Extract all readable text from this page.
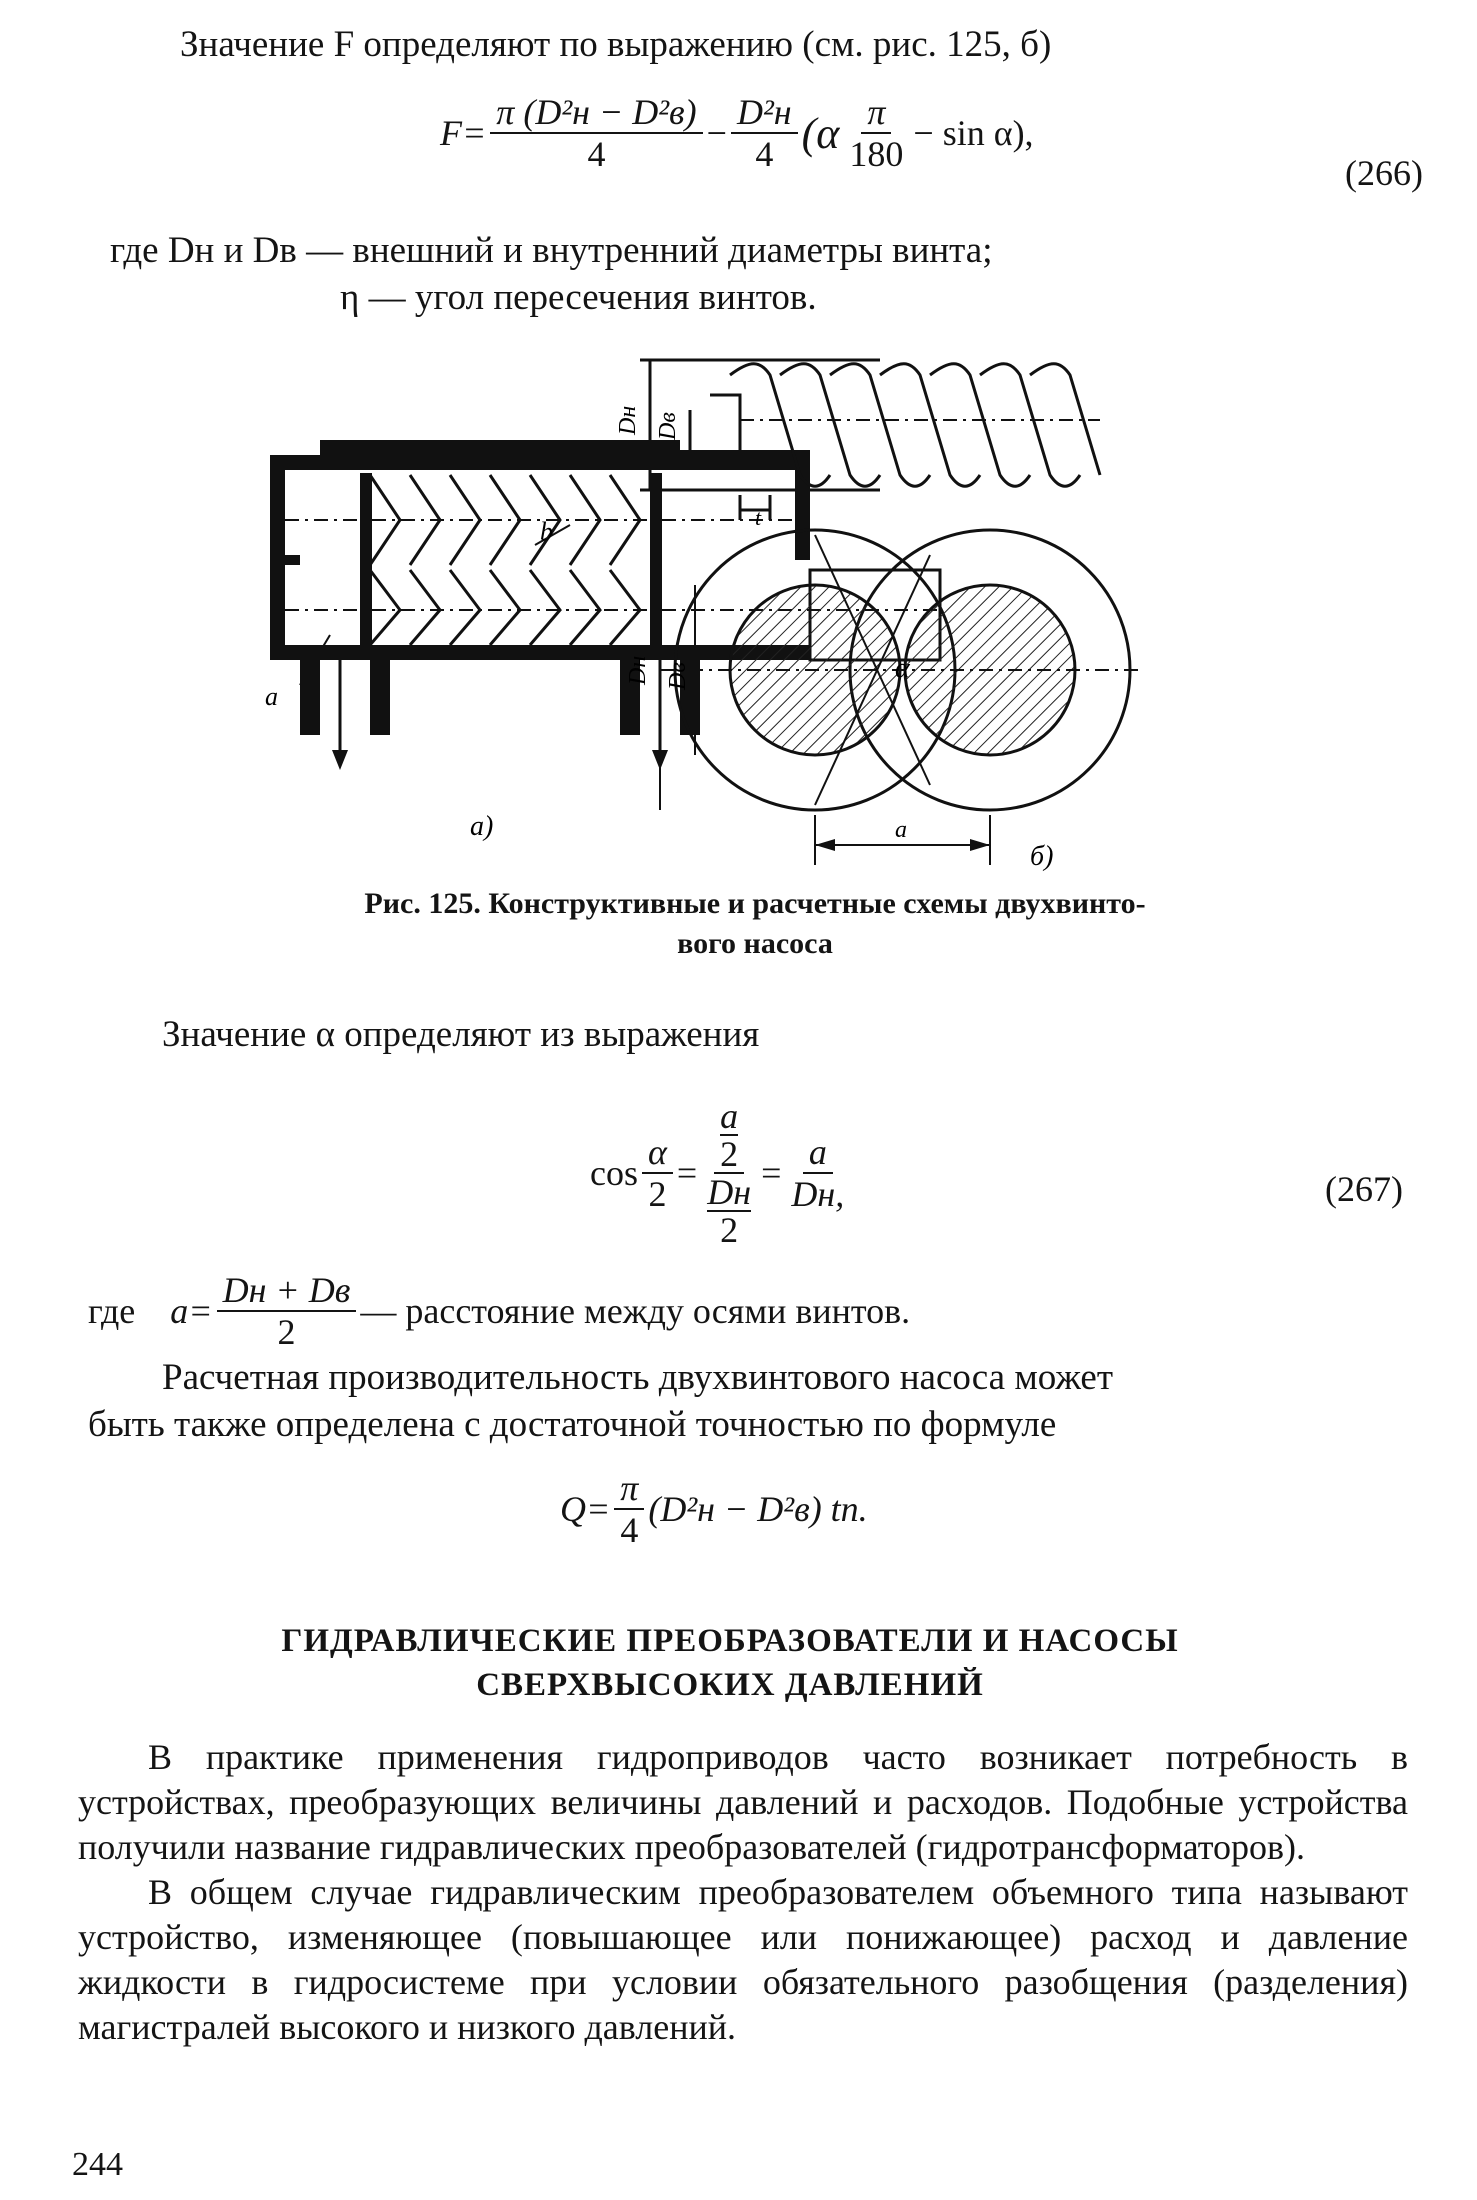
Значение F определяют по выражению (см. рис. 125, б)
$F= \frac{\text{π (D²н − D²в)}}{4} - \frac{\text{D²н}}{4} (\alpha \frac{\pi}{180} - \sin \alpha)$,
(266)
где Dн и Dв — внешний и внутренний диаметры винта;
η — угол пересечения винтов.
b
a
а)
Dн Dв
t
Dн Dв	α
a
б)
Рис. 125. Конструктивные и расчетные схемы двухвинто-
вого насоса
Значение α определяют из выражения
$\cos \frac{\alpha}{2} = \frac{a}{2}$
Dн
$2 = \frac{a}{Dн,}$	(267)
где $a= \frac{Dн + Dв}{2}$ — расстояние между осями винтов.
Расчетная производительность двухвинтового насоса может
быть также определена с достаточной точностью по формуле
$Q= \frac{\pi}{4} (D^2н - D^2в)$ tn.
ГИДРАВЛИЧЕСКИЕ ПРЕОБРАЗОВАТЕЛИ И НАСОСЫ
СВЕРХВЫСОКИХ ДАВЛЕНИЙ

В практике применения гидроприводов часто возникает потребность в устройствах, преобразующих величины давлений и расходов. Подобные устройства получили название гидравлических преобразователей (гидротрансформаторов).

В общем случае гидравлическим преобразователем объемного типа называют устройство, изменяющее (повышающее или понижающее) расход и давление жидкости в гидросистеме при условии обязательного разобщения (разделения) магистралей высокого и низкого давлений.

244
